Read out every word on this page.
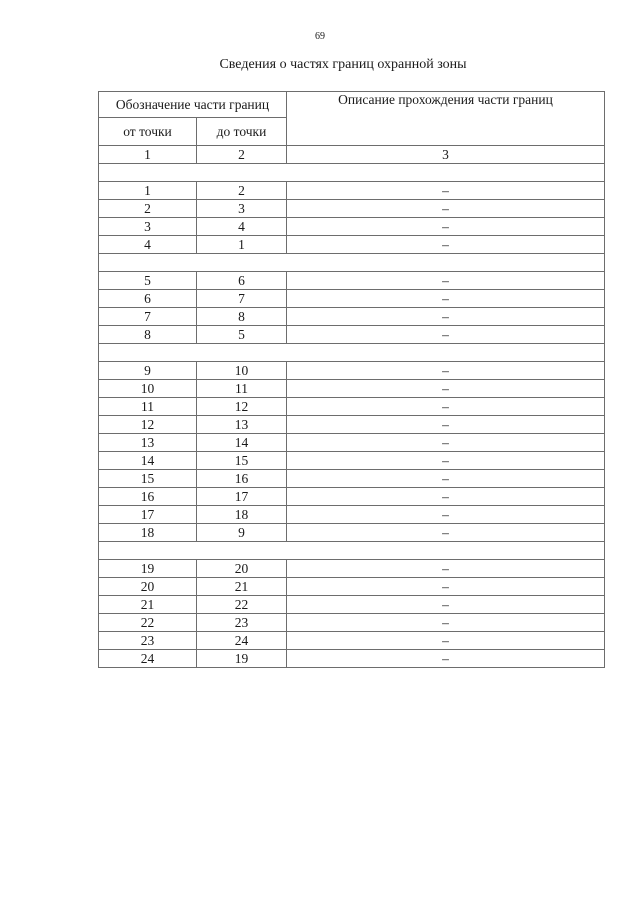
69
Сведения о частях границ охранной зоны
Обозначение части границ		Описание прохождения части границ
от точки	до точки	
1	2	3

1	2	–
2	3	–
3	4	–
4	1	–

5	6	–
6	7	–
7	8	–
8	5	–

9	10	–
10	11	–
11	12	–
12	13	–
13	14	–
14	15	–
15	16	–
16	17	–
17	18	–
18	9	–

19	20	–
20	21	–
21	22	–
22	23	–
23	24	–
24	19	–
